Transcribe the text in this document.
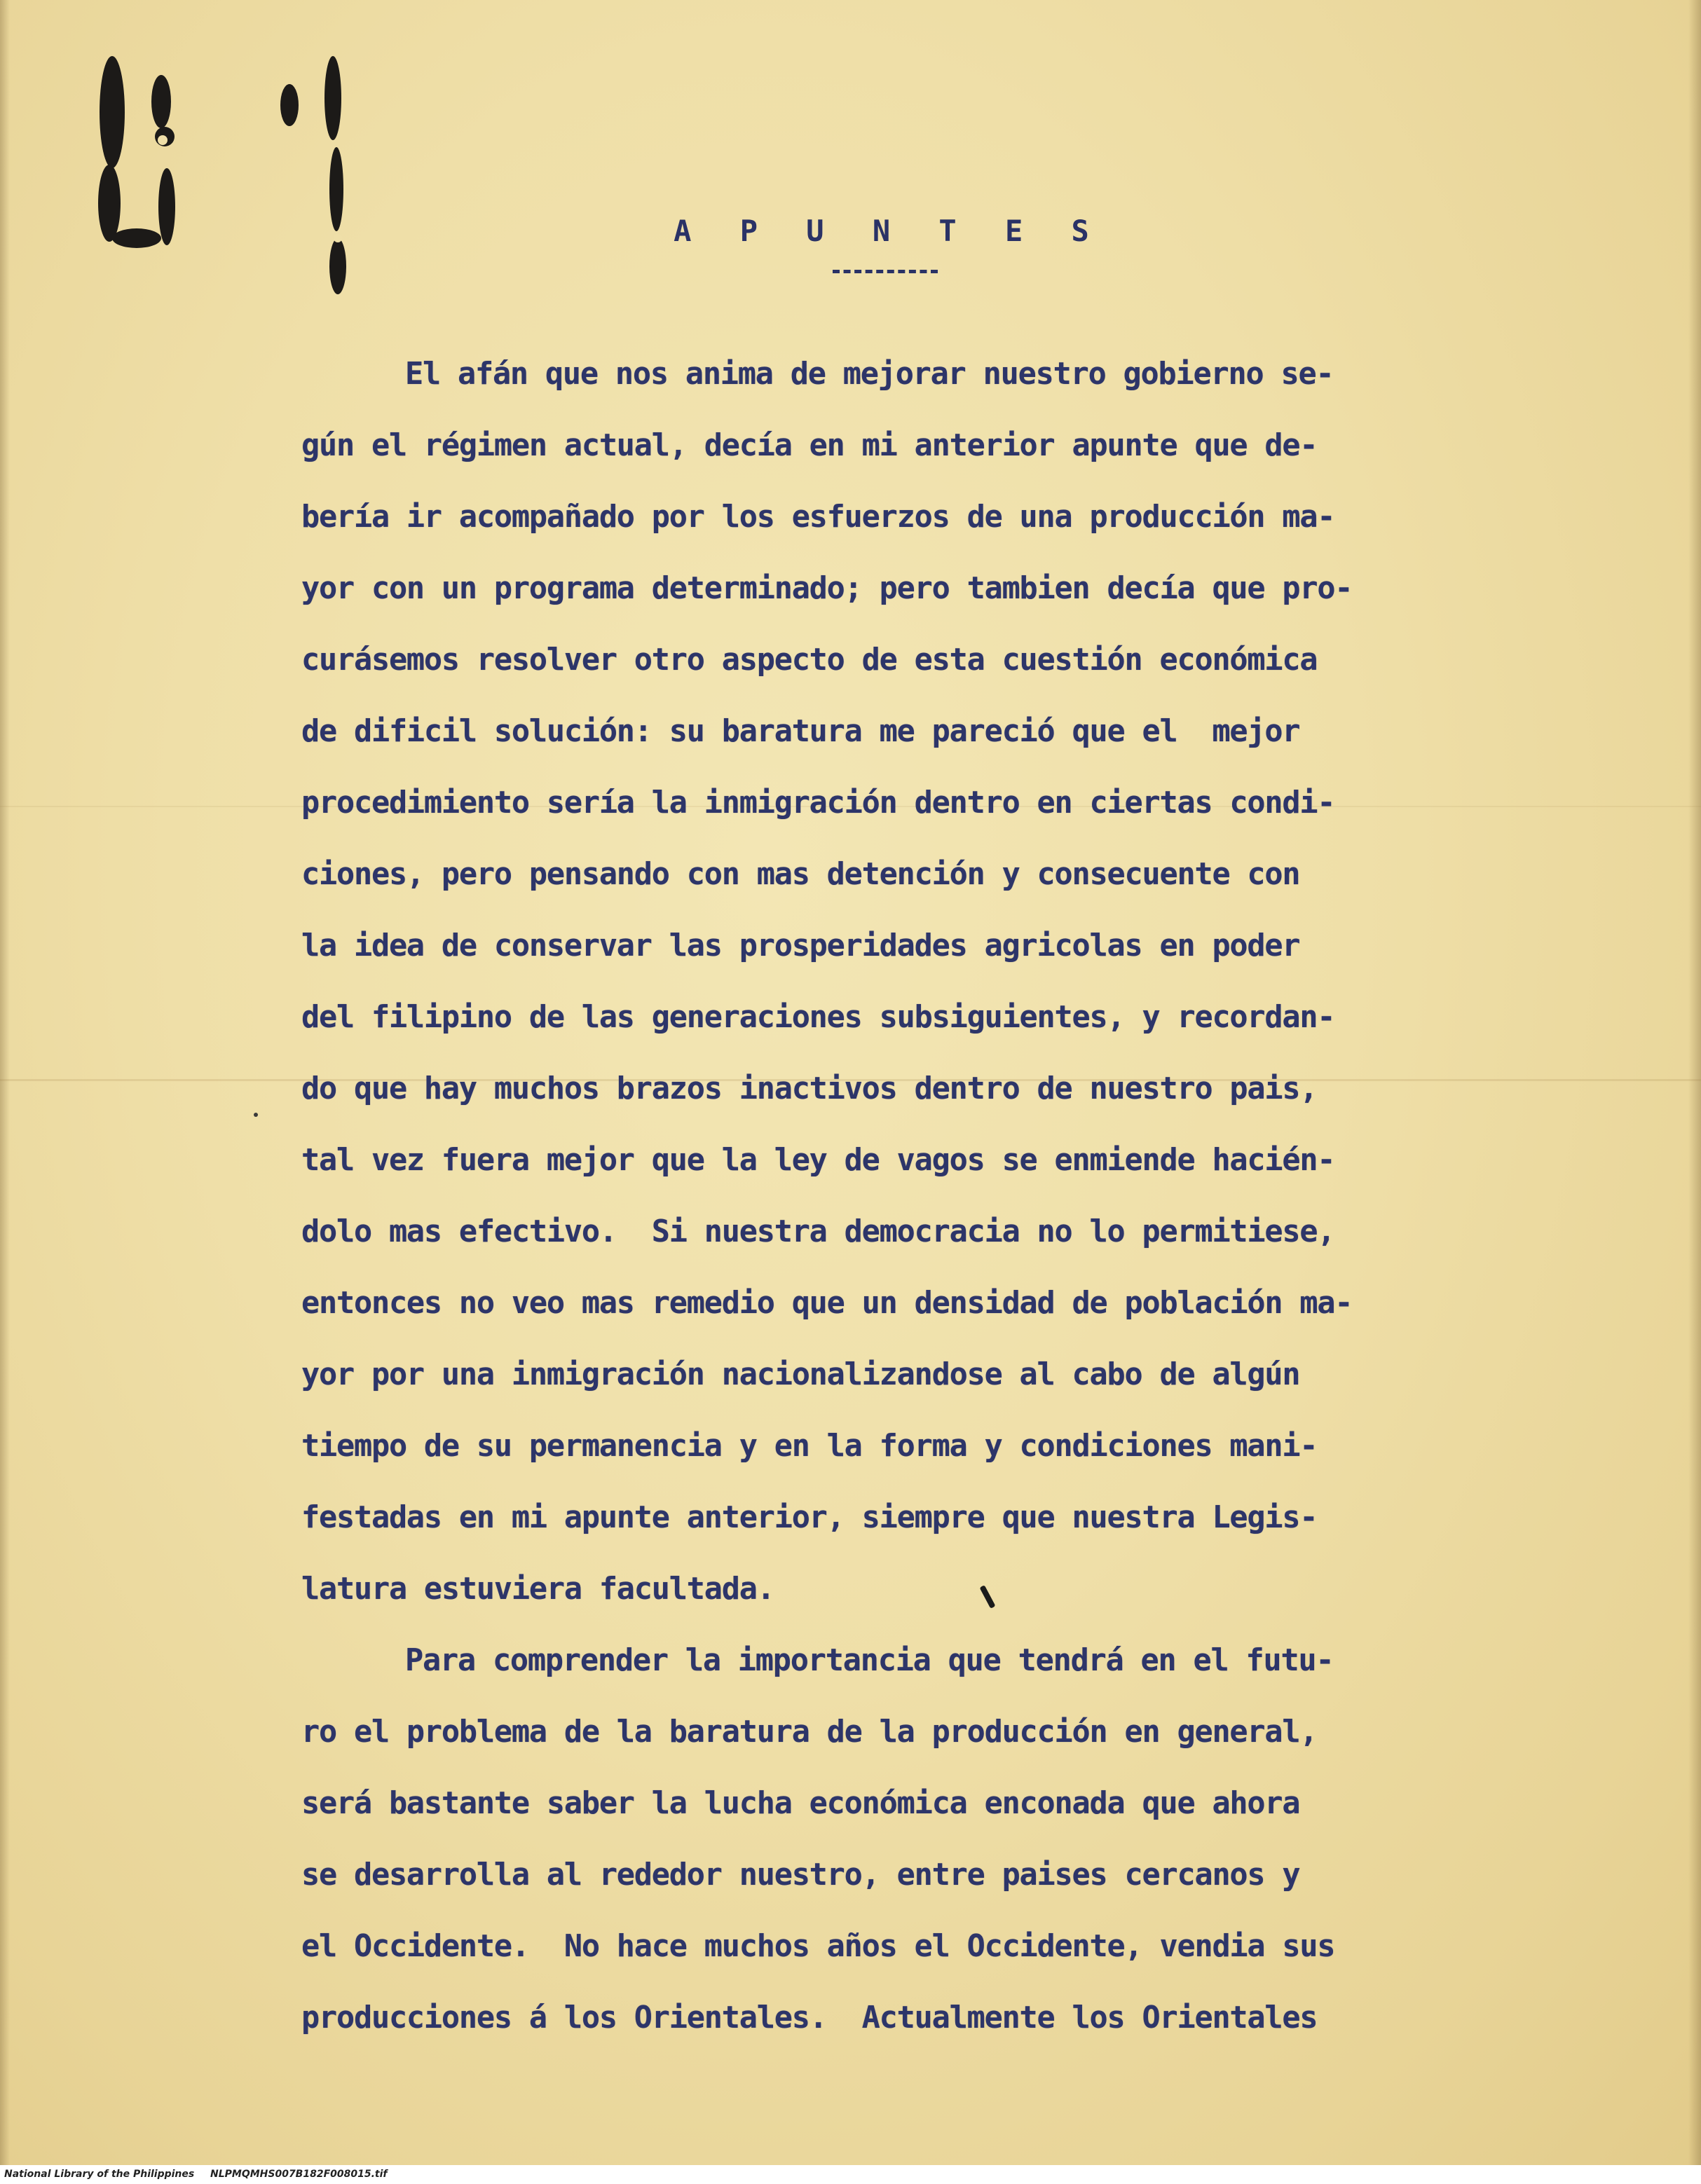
A P U N T E S
El afán que nos anima de mejorar nuestro gobierno se-
gún el régimen actual, decía en mi anterior apunte que de-
bería ir acompañado por los esfuerzos de una producción ma-
yor con un programa determinado; pero tambien decía que pro-
curásemos resolver otro aspecto de esta cuestión económica
de dificil solución: su baratura me pareció que el  mejor
procedimiento sería la inmigración dentro en ciertas condi-
ciones, pero pensando con mas detención y consecuente con
la idea de conservar las prosperidades agricolas en poder
del filipino de las generaciones subsiguientes, y recordan-
do que hay muchos brazos inactivos dentro de nuestro pais,
tal vez fuera mejor que la ley de vagos se enmiende hacién-
dolo mas efectivo.  Si nuestra democracia no lo permitiese,
entonces no veo mas remedio que un densidad de población ma-
yor por una inmigración nacionalizandose al cabo de algún
tiempo de su permanencia y en la forma y condiciones mani-
festadas en mi apunte anterior, siempre que nuestra Legis-
latura estuviera facultada.
Para comprender la importancia que tendrá en el futu-
ro el problema de la baratura de la producción en general,
será bastante saber la lucha económica enconada que ahora
se desarrolla al rededor nuestro, entre paises cercanos y
el Occidente.  No hace muchos años el Occidente, vendia sus
producciones á los Orientales.  Actualmente los Orientales
National Library of the Philippines NLPMQMHS007B182F008015.tif
